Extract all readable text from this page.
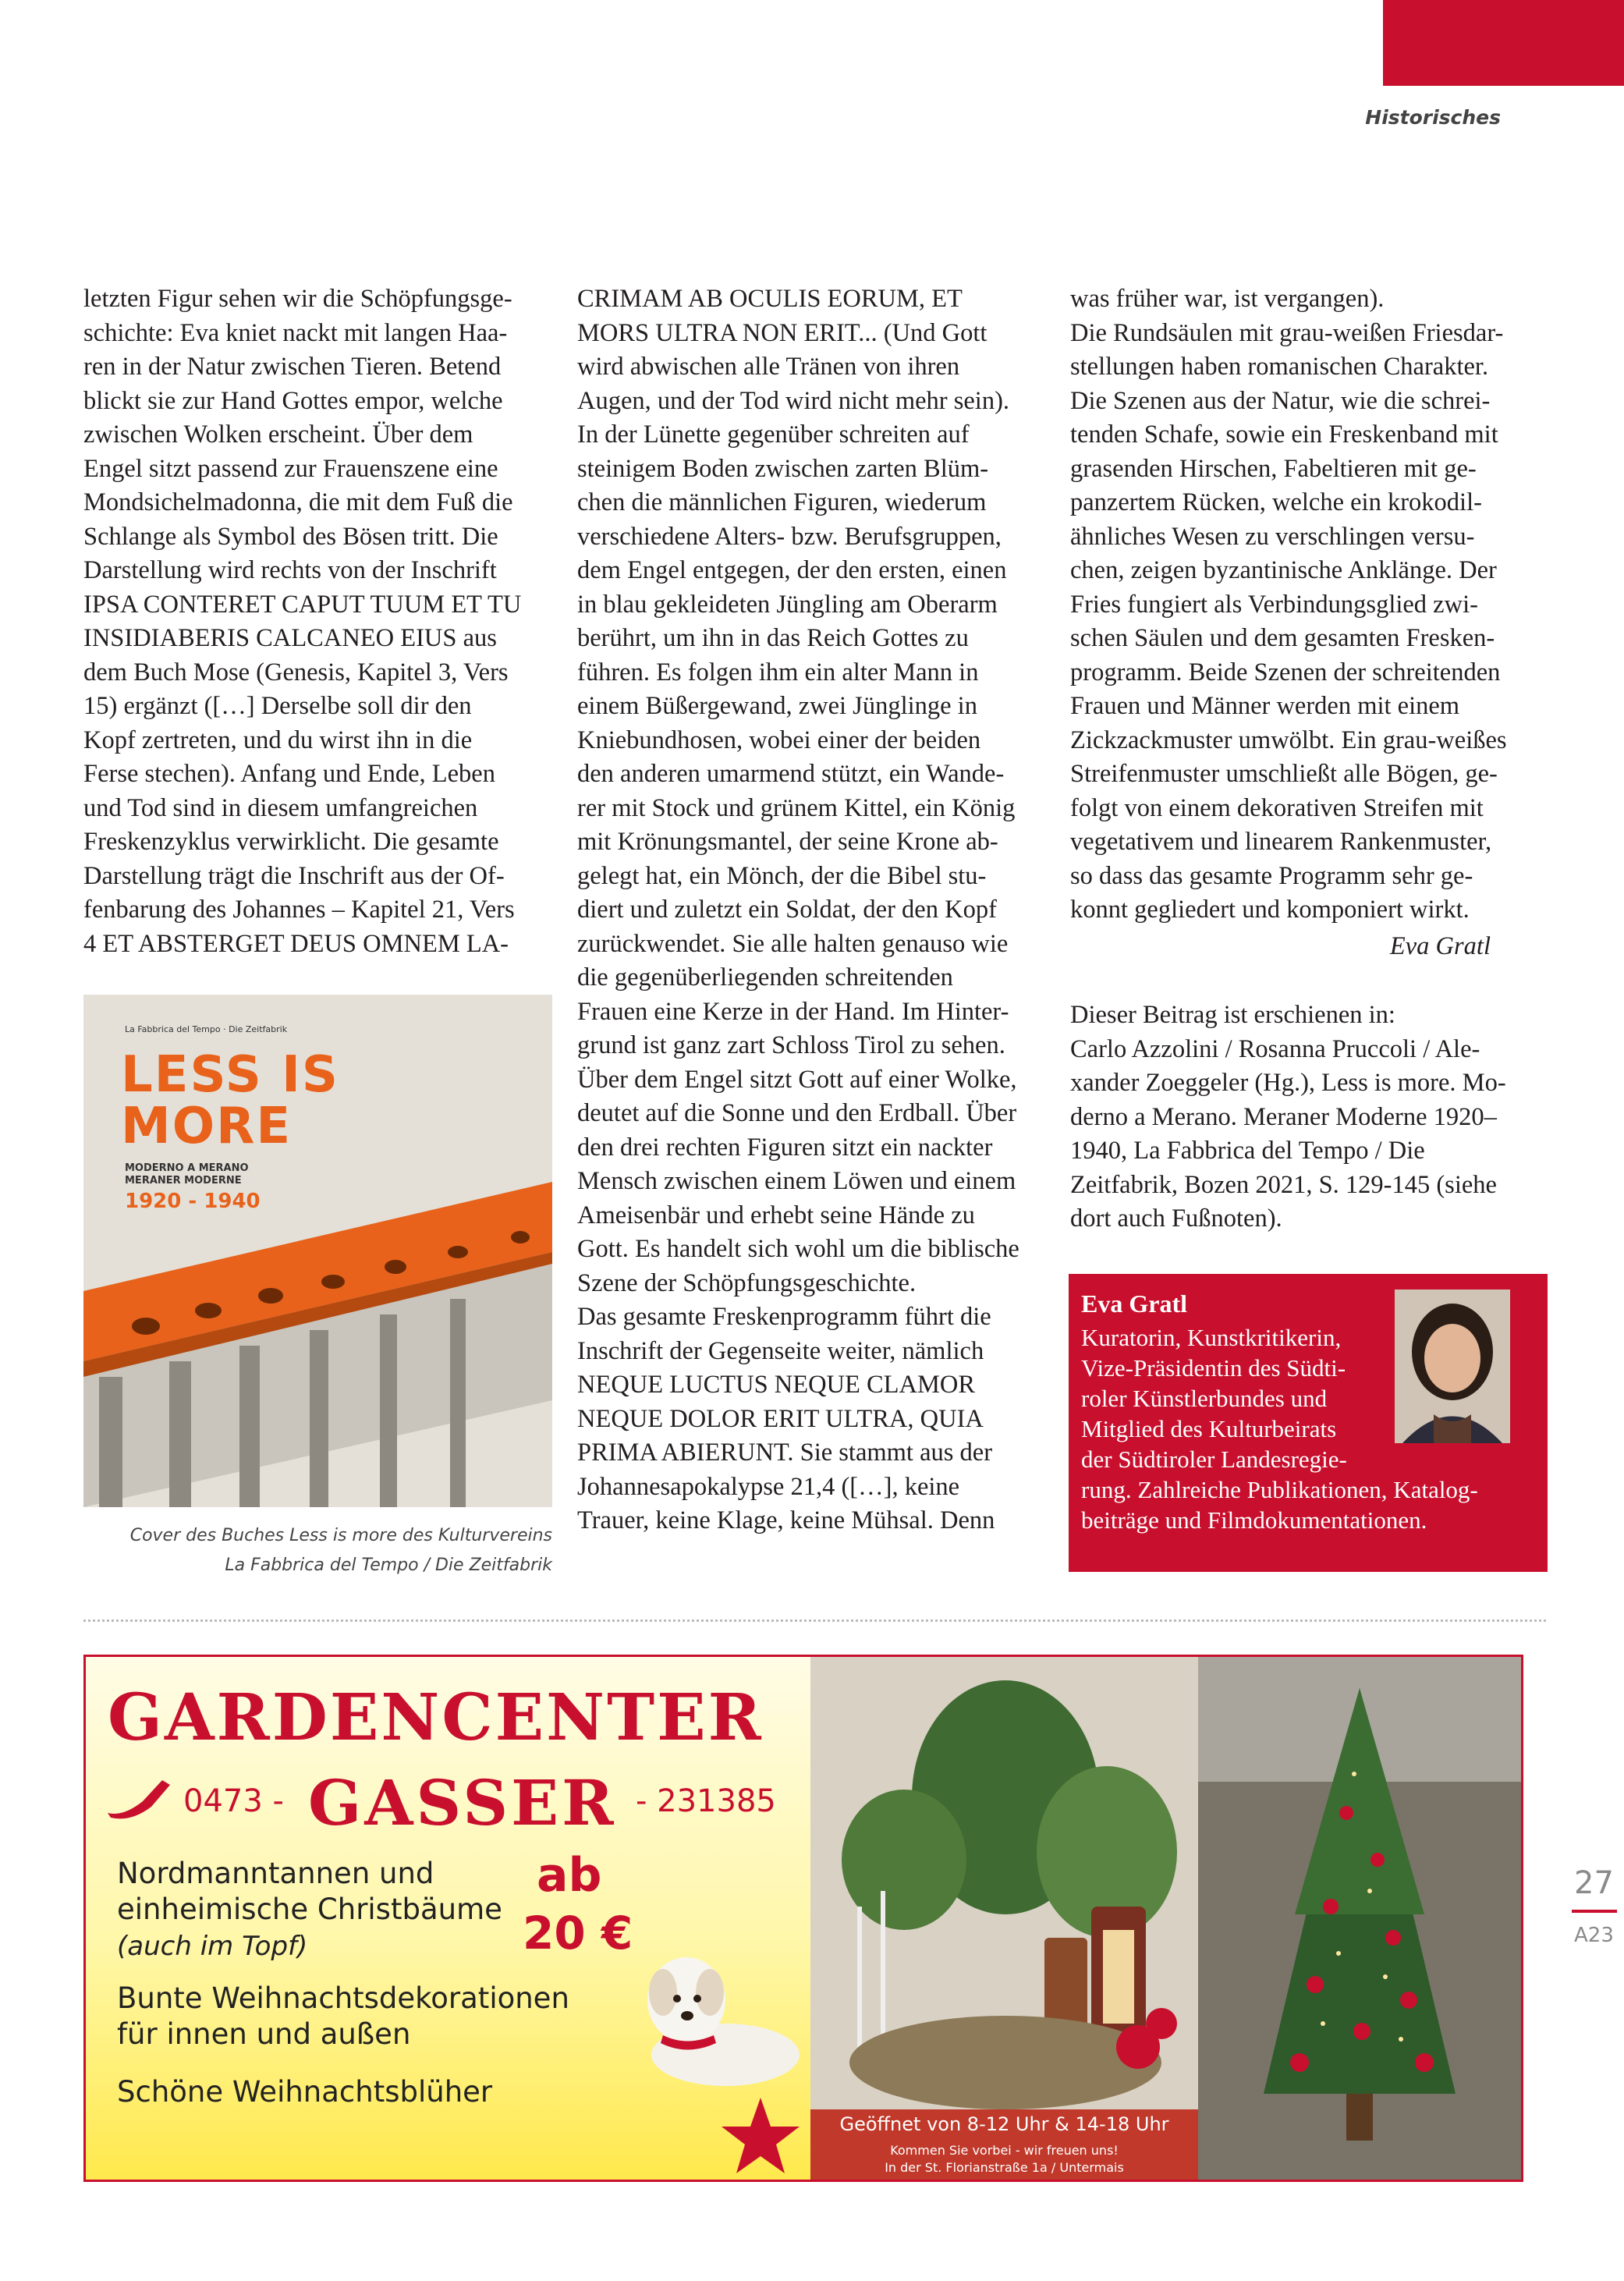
Historisches
letzten Figur sehen wir die Schöpfungsge-
schichte: Eva kniet nackt mit langen Haa-
ren in der Natur zwischen Tieren. Betend
blickt sie zur Hand Gottes empor, welche
zwischen Wolken erscheint. Über dem
Engel sitzt passend zur Frauenszene eine
Mondsichelmadonna, die mit dem Fuß die
Schlange als Symbol des Bösen tritt. Die
Darstellung wird rechts von der Inschrift
IPSA CONTERET CAPUT TUUM ET TU
INSIDIABERIS CALCANEO EIUS aus
dem Buch Mose (Genesis, Kapitel 3, Vers
15) ergänzt ([…] Derselbe soll dir den
Kopf zertreten, und du wirst ihn in die
Ferse stechen). Anfang und Ende, Leben
und Tod sind in diesem umfangreichen
Freskenzyklus verwirklicht. Die gesamte
Darstellung trägt die Inschrift aus der Of-
fenbarung des Johannes – Kapitel 21, Vers
4 ET ABSTERGET DEUS OMNEM LA-
CRIMAM AB OCULIS EORUM, ET
MORS ULTRA NON ERIT... (Und Gott
wird abwischen alle Tränen von ihren
Augen, und der Tod wird nicht mehr sein).
In der Lünette gegenüber schreiten auf
steinigem Boden zwischen zarten Blüm-
chen die männlichen Figuren, wiederum
verschiedene Alters- bzw. Berufsgruppen,
dem Engel entgegen, der den ersten, einen
in blau gekleideten Jüngling am Oberarm
berührt, um ihn in das Reich Gottes zu
führen. Es folgen ihm ein alter Mann in
einem Büßergewand, zwei Jünglinge in
Kniebundhosen, wobei einer der beiden
den anderen umarmend stützt, ein Wande-
rer mit Stock und grünem Kittel, ein König
mit Krönungsmantel, der seine Krone ab-
gelegt hat, ein Mönch, der die Bibel stu-
diert und zuletzt ein Soldat, der den Kopf
zurückwendet. Sie alle halten genauso wie
die gegenüberliegenden schreitenden
Frauen eine Kerze in der Hand. Im Hinter-
grund ist ganz zart Schloss Tirol zu sehen.
Über dem Engel sitzt Gott auf einer Wolke,
deutet auf die Sonne und den Erdball. Über
den drei rechten Figuren sitzt ein nackter
Mensch zwischen einem Löwen und einem
Ameisenbär und erhebt seine Hände zu
Gott. Es handelt sich wohl um die biblische
Szene der Schöpfungsgeschichte.
Das gesamte Freskenprogramm führt die
Inschrift der Gegenseite weiter, nämlich
NEQUE LUCTUS NEQUE CLAMOR
NEQUE DOLOR ERIT ULTRA, QUIA
PRIMA ABIERUNT. Sie stammt aus der
Johannesapokalypse 21,4 ([…], keine
Trauer, keine Klage, keine Mühsal. Denn
was früher war, ist vergangen).
Die Rundsäulen mit grau-weißen Friesdar-
stellungen haben romanischen Charakter.
Die Szenen aus der Natur, wie die schrei-
tenden Schafe, sowie ein Freskenband mit
grasenden Hirschen, Fabeltieren mit ge-
panzertem Rücken, welche ein krokodil-
ähnliches Wesen zu verschlingen versu-
chen, zeigen byzantinische Anklänge. Der
Fries fungiert als Verbindungsglied zwi-
schen Säulen und dem gesamten Fresken-
programm. Beide Szenen der schreitenden
Frauen und Männer werden mit einem
Zickzackmuster umwölbt. Ein grau-weißes
Streifenmuster umschließt alle Bögen, ge-
folgt von einem dekorativen Streifen mit
vegetativem und linearem Rankenmuster,
so dass das gesamte Programm sehr ge-
konnt gegliedert und komponiert wirkt.
Eva Gratl
Dieser Beitrag ist erschienen in:
Carlo Azzolini / Rosanna Pruccoli / Ale-
xander Zoeggeler (Hg.), Less is more. Mo-
derno a Merano. Meraner Moderne 1920–
1940, La Fabbrica del Tempo / Die
Zeitfabrik, Bozen 2021, S. 129-145 (siehe
dort auch Fußnoten).
La Fabbrica del Tempo · Die Zeitfabrik
LESS IS
MORE
MODERNO A MERANO
MERANER MODERNE
1920 - 1940
Cover des Buches Less is more des Kulturvereins
La Fabbrica del Tempo / Die Zeitfabrik
Eva Gratl
Kuratorin, Kunstkritikerin,
Vize-Präsidentin des Südti-
roler Künstlerbundes und
Mitglied des Kulturbeirats
der Südtiroler Landesregie-
rung. Zahlreiche Publikationen, Katalog-
beiträge und Filmdokumentationen.
GARDENCENTER
0473 - GASSER - 231385
Nordmanntannen und
einheimische Christbäume
(auch im Topf)
ab
20 €
Bunte Weihnachtsdekorationen
für innen und außen
Schöne Weihnachtsblüher
Geöffnet von 8-12 Uhr & 14-18 Uhr
Kommen Sie vorbei - wir freuen uns!
In der St. Florianstraße 1a / Untermais
27
A23
